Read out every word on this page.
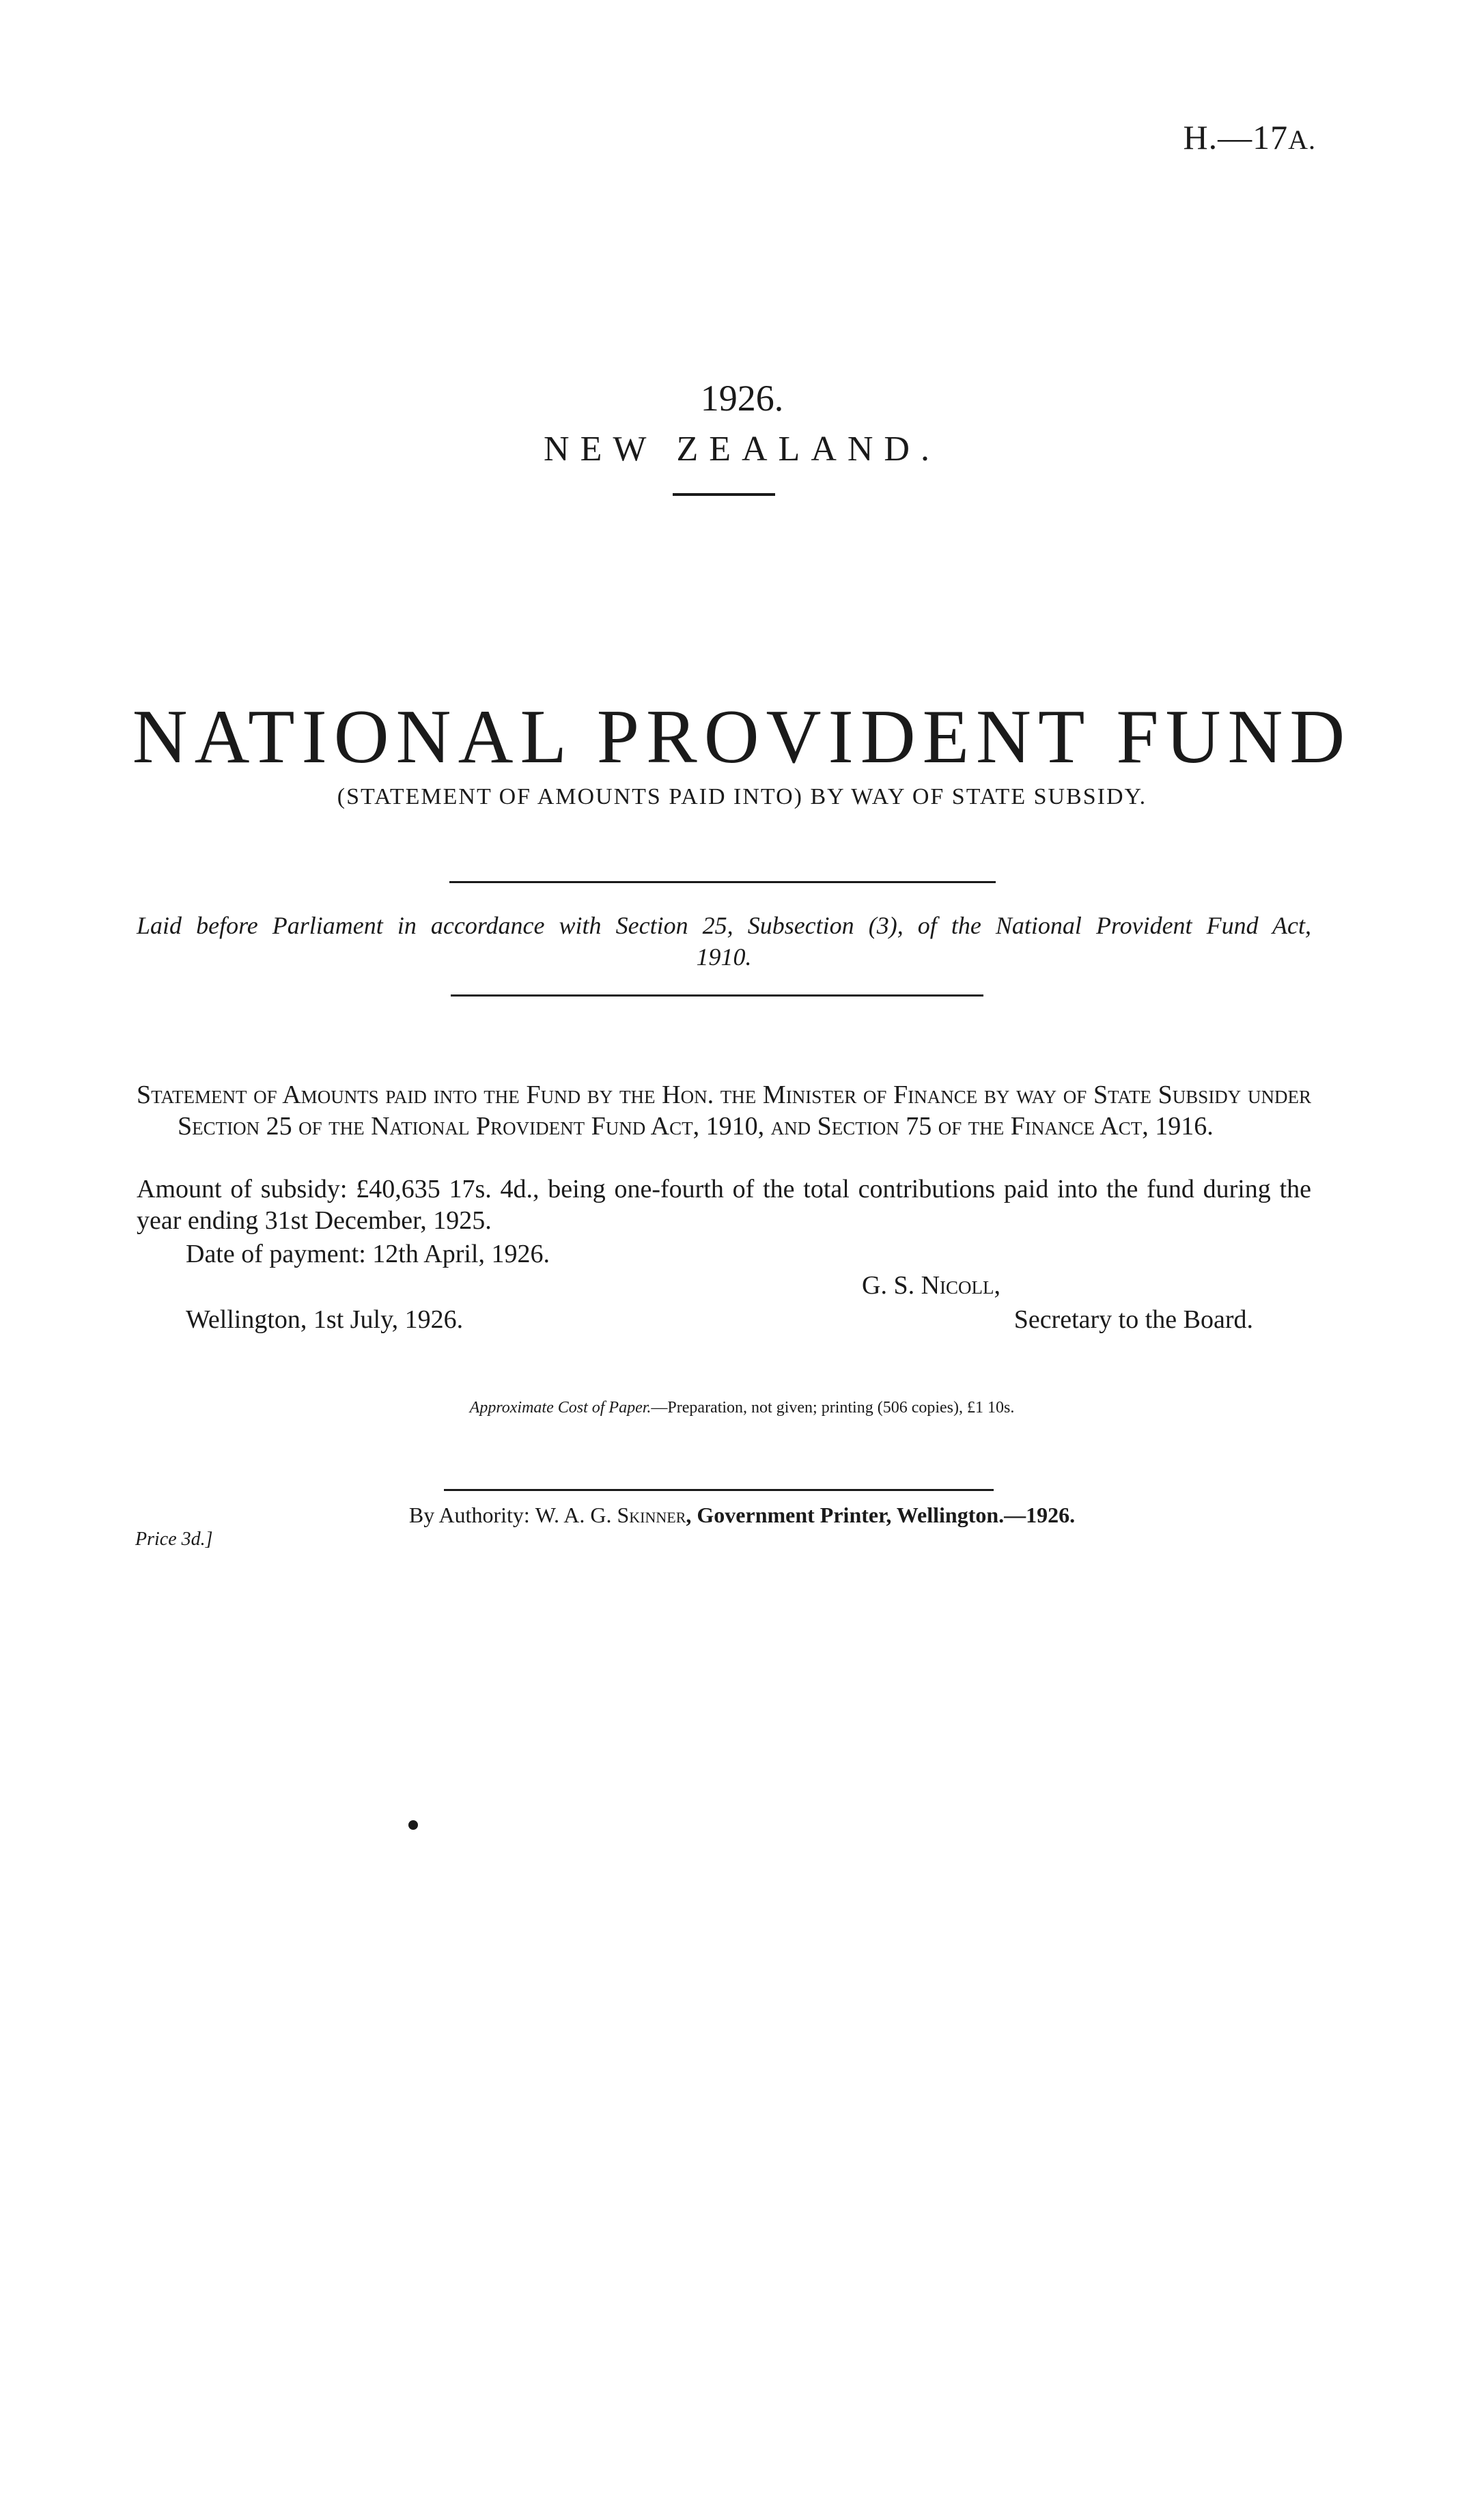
H.—17A.
1926.
NEW ZEALAND.
NATIONAL PROVIDENT FUND
(STATEMENT OF AMOUNTS PAID INTO) BY WAY OF STATE SUBSIDY.
Laid before Parliament in accordance with Section 25, Subsection (3), of the National Provident Fund Act, 1910.
Statement of Amounts paid into the Fund by the Hon. the Minister of Finance by way of State Subsidy under Section 25 of the National Provident Fund Act, 1910, and Section 75 of the Finance Act, 1916.
Amount of subsidy: £40,635 17s. 4d., being one-fourth of the total contributions paid into the fund during the year ending 31st December, 1925.
Date of payment: 12th April, 1926.
G. S. Nicoll,
Wellington, 1st July, 1926.	Secretary to the Board.
Approximate Cost of Paper.—Preparation, not given; printing (506 copies), £1 10s.
By Authority: W. A. G. Skinner, Government Printer, Wellington.—1926.
Price 3d.]
